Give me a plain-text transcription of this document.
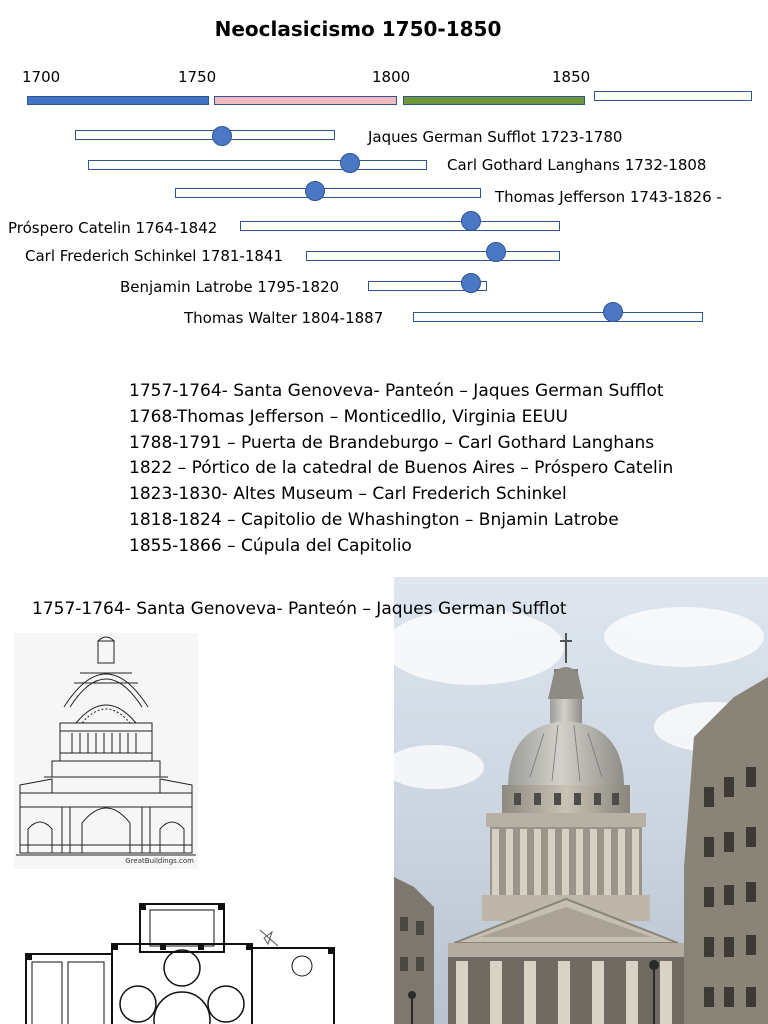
Neoclasicismo 1750-1850
1700	1750	1800	1850
Jaques German Sufflot 1723-1780
Carl Gothard Langhans 1732-1808
Thomas Jefferson 1743-1826 -
Próspero Catelin 1764-1842
Carl Frederich Schinkel 1781-1841
Benjamin Latrobe 1795-1820
Thomas Walter 1804-1887
1757-1764- Santa Genoveva- Panteón – Jaques German Sufflot
1768-Thomas Jefferson – Monticedllo, Virginia EEUU
1788-1791 – Puerta de Brandeburgo – Carl Gothard Langhans
1822 – Pórtico de la catedral de Buenos Aires – Próspero Catelin
1823-1830- Altes Museum – Carl Frederich Schinkel
1818-1824 – Capitolio de Whashington – Bnjamin Latrobe
1855-1866 – Cúpula del Capitolio
GreatBuildings.com
1757-1764- Santa Genoveva- Panteón – Jaques German Sufflot
